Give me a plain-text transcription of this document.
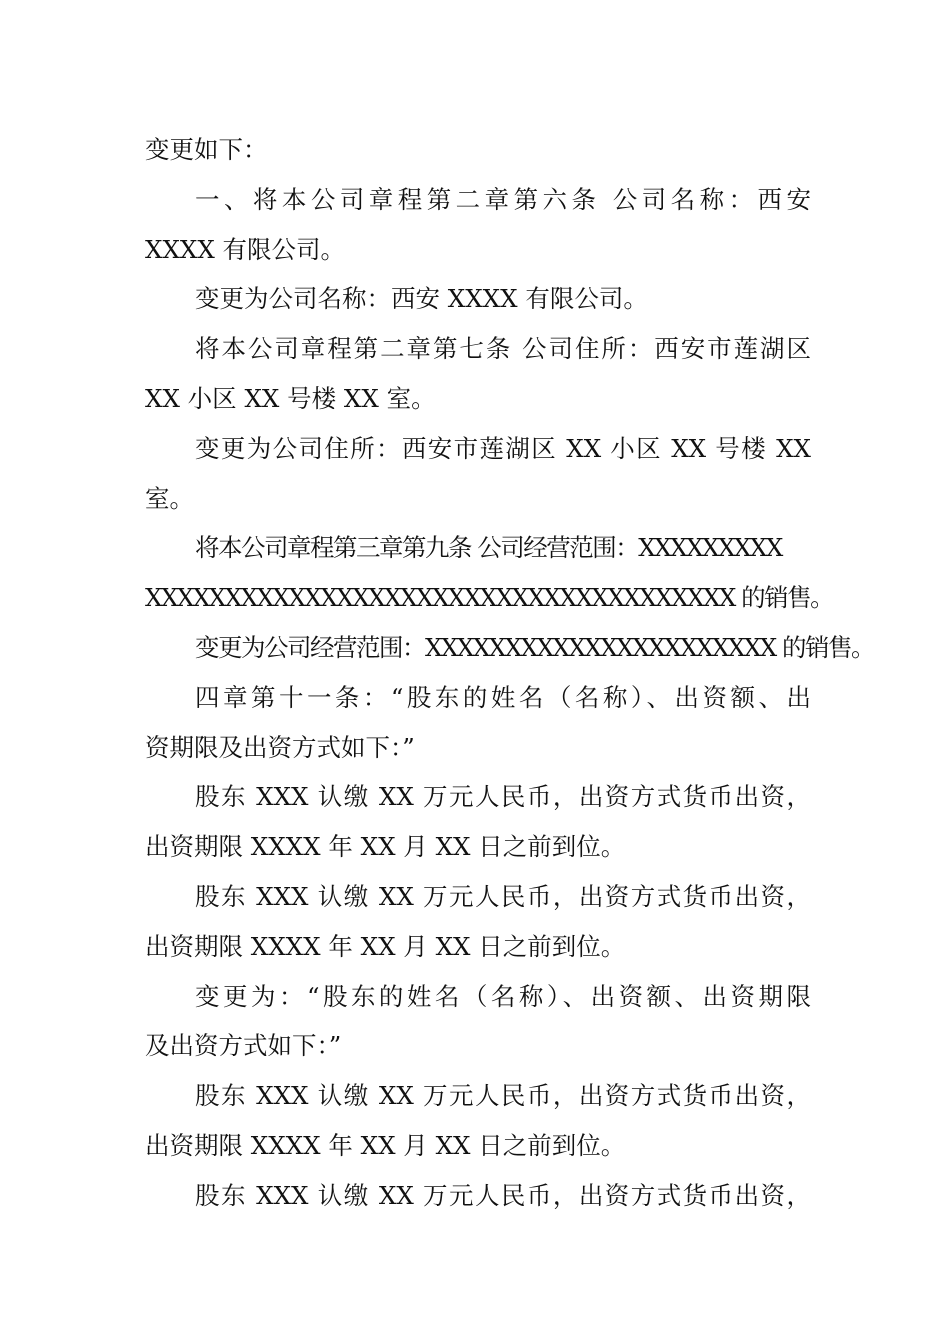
变更如下：
一、将本公司章程第二章第六条 公司名称：西安
XXXX 有限公司。
变更为公司名称：西安 XXXX 有限公司。
将本公司章程第二章第七条 公司住所：西安市莲湖区
XX 小区 XX 号楼 XX 室。
变更为公司住所：西安市莲湖区 XX 小区 XX 号楼 XX
室。
将本公司章程第三章第九条 公司经营范围：XXXXXXXXX
XXXXXXXXXXXXXXXXXXXXXXXXXXXXXXXXXXXXX 的销售。
变更为公司经营范围：XXXXXXXXXXXXXXXXXXXXXX 的销售。
四章第十一条：“股东的姓名（名称）、出资额、出
资期限及出资方式如下：”
股东 XXX 认缴 XX 万元人民币，出资方式货币出资，
出资期限 XXXX 年 XX 月 XX 日之前到位。
股东 XXX 认缴 XX 万元人民币，出资方式货币出资，
出资期限 XXXX 年 XX 月 XX 日之前到位。
变更为：“股东的姓名（名称）、出资额、出资期限
及出资方式如下：”
股东 XXX 认缴 XX 万元人民币，出资方式货币出资，
出资期限 XXXX 年 XX 月 XX 日之前到位。
股东 XXX 认缴 XX 万元人民币，出资方式货币出资，
